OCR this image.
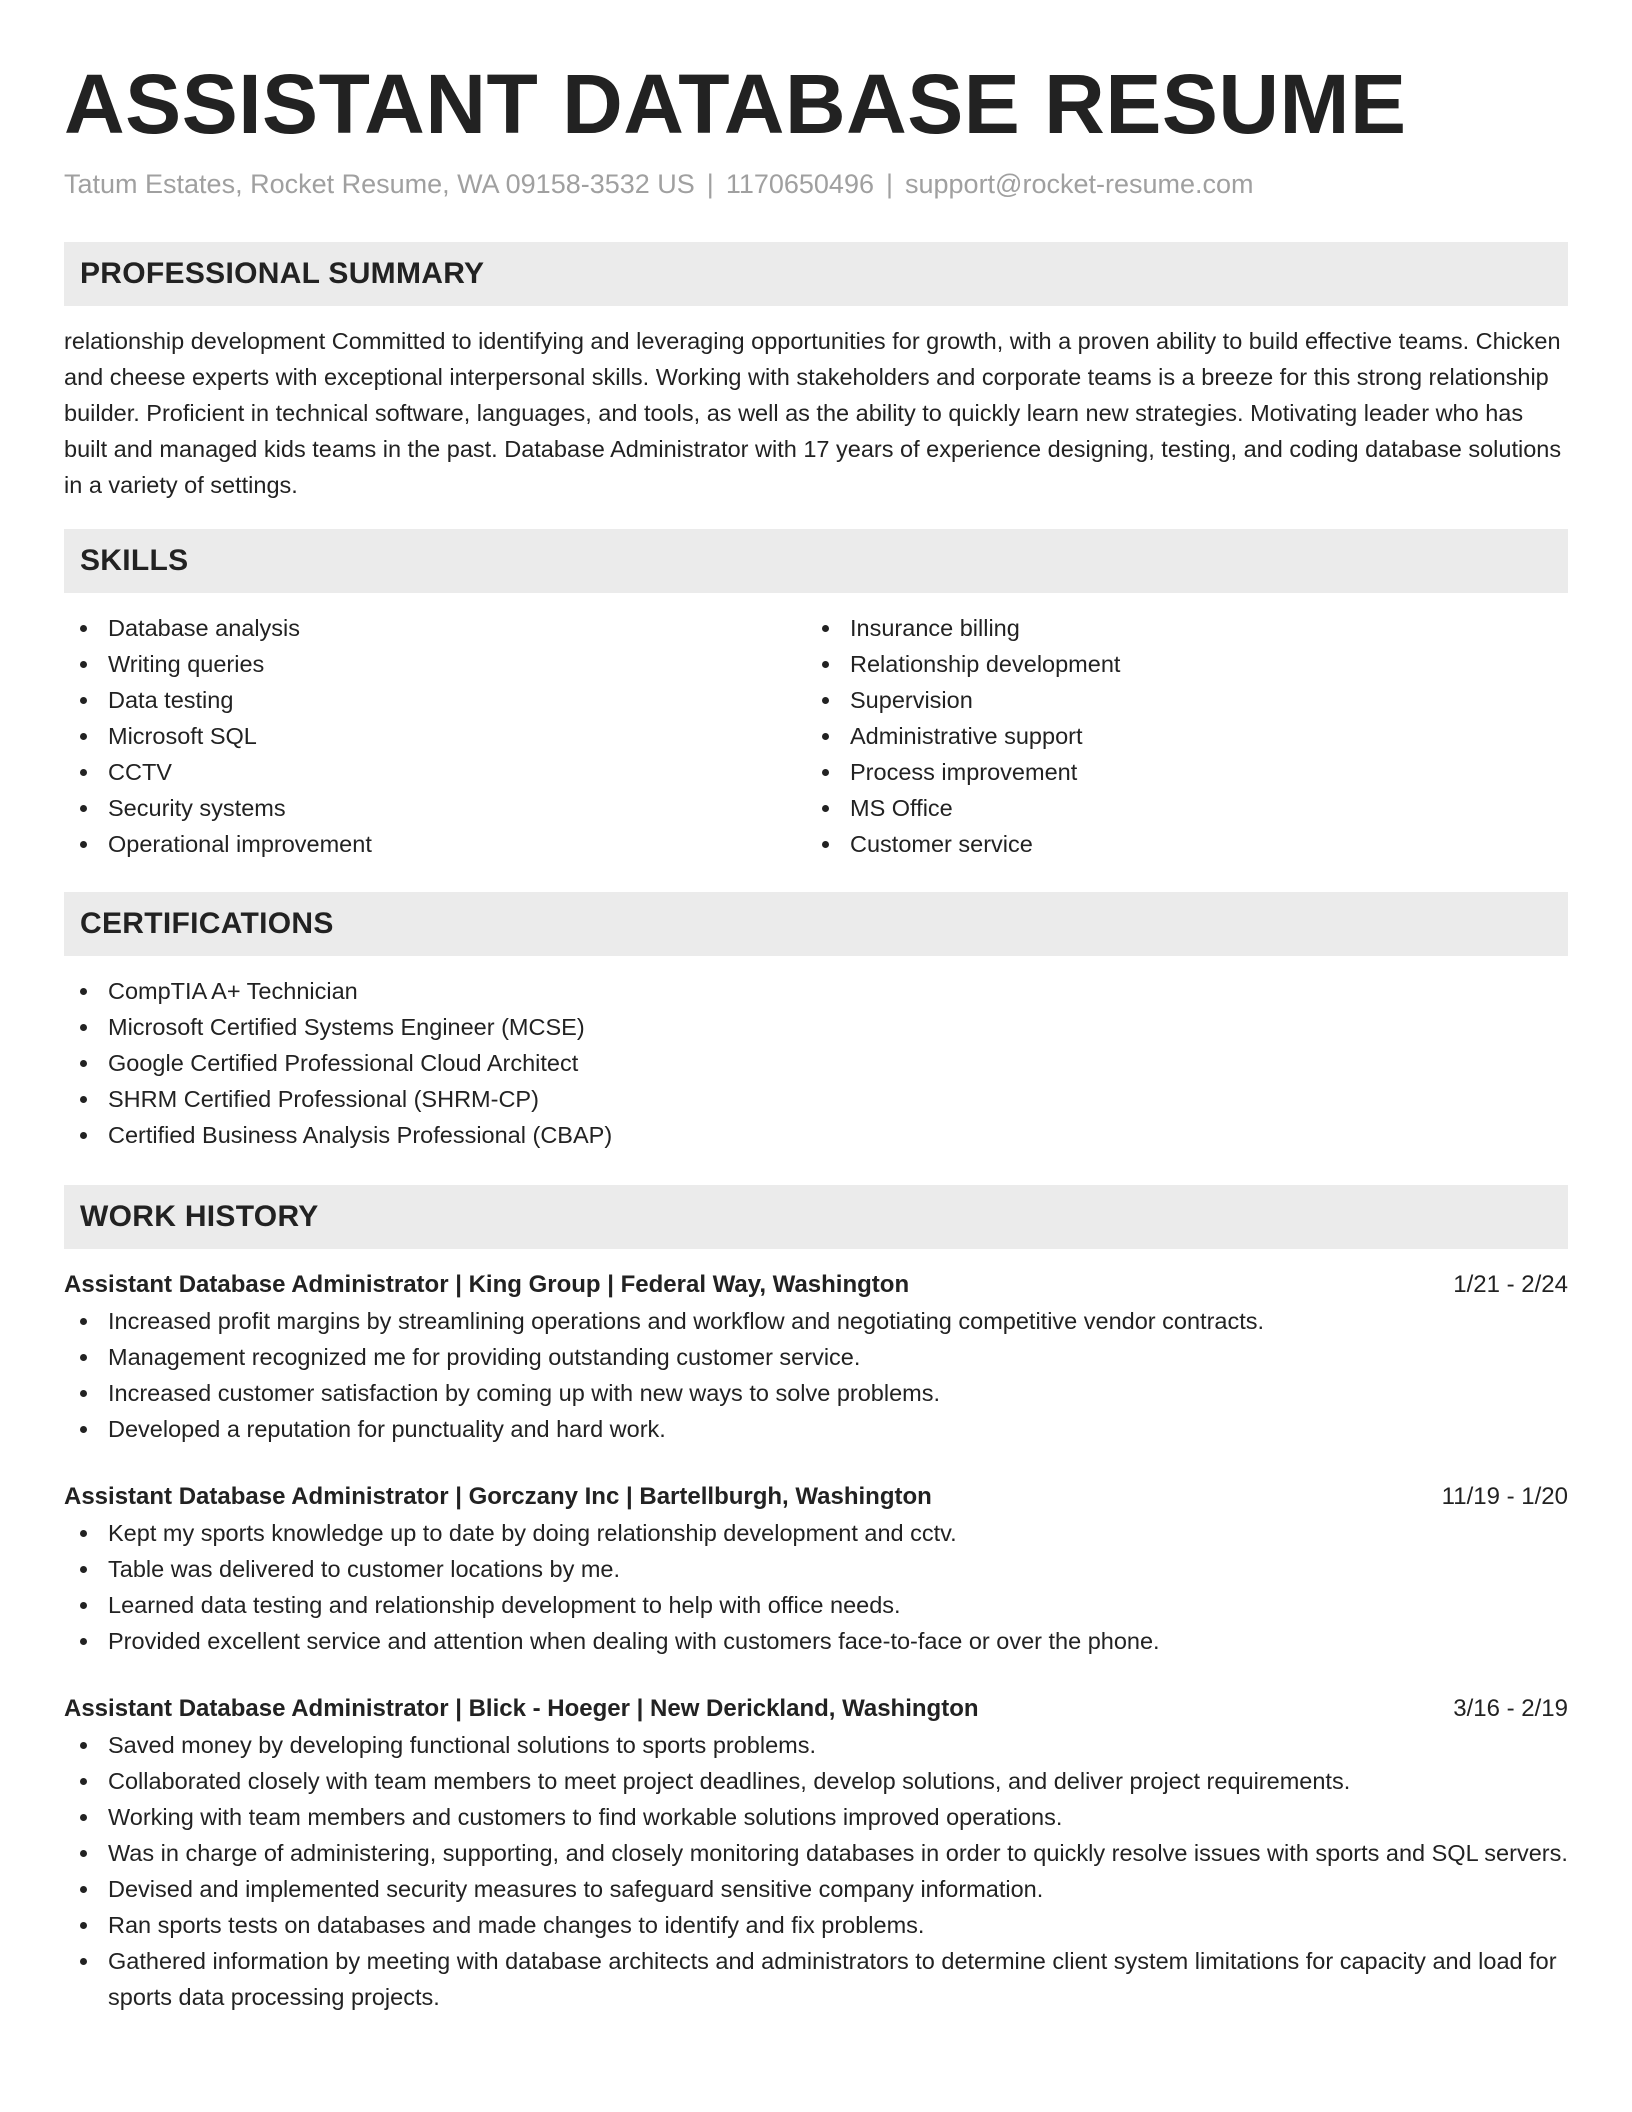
ASSISTANT DATABASE RESUME
Tatum Estates, Rocket Resume, WA 09158-3532 US | 1170650496 | support@rocket-resume.com
PROFESSIONAL SUMMARY

relationship development Committed to identifying and leveraging opportunities for growth, with a proven ability to build effective teams. Chicken and cheese experts with exceptional interpersonal skills. Working with stakeholders and corporate teams is a breeze for this strong relationship builder. Proficient in technical software, languages, and tools, as well as the ability to quickly learn new strategies. Motivating leader who has built and managed kids teams in the past. Database Administrator with 17 years of experience designing, testing, and coding database solutions in a variety of settings.

SKILLS
Database analysis
Writing queries
Data testing
Microsoft SQL
CCTV
Security systems
Operational improvement
Insurance billing
Relationship development
Supervision
Administrative support
Process improvement
MS Office
Customer service
CERTIFICATIONS
CompTIA A+ Technician
Microsoft Certified Systems Engineer (MCSE)
Google Certified Professional Cloud Architect
SHRM Certified Professional (SHRM-CP)
Certified Business Analysis Professional (CBAP)
WORK HISTORY
Assistant Database Administrator | King Group | Federal Way, Washington	1/21 - 2/24
Increased profit margins by streamlining operations and workflow and negotiating competitive vendor contracts.
Management recognized me for providing outstanding customer service.
Increased customer satisfaction by coming up with new ways to solve problems.
Developed a reputation for punctuality and hard work.
Assistant Database Administrator | Gorczany Inc | Bartellburgh, Washington	11/19 - 1/20
Kept my sports knowledge up to date by doing relationship development and cctv.
Table was delivered to customer locations by me.
Learned data testing and relationship development to help with office needs.
Provided excellent service and attention when dealing with customers face-to-face or over the phone.
Assistant Database Administrator | Blick - Hoeger | New Derickland, Washington	3/16 - 2/19
Saved money by developing functional solutions to sports problems.
Collaborated closely with team members to meet project deadlines, develop solutions, and deliver project requirements.
Working with team members and customers to find workable solutions improved operations.
Was in charge of administering, supporting, and closely monitoring databases in order to quickly resolve issues with sports and SQL servers.
Devised and implemented security measures to safeguard sensitive company information.
Ran sports tests on databases and made changes to identify and fix problems.
Gathered information by meeting with database architects and administrators to determine client system limitations for capacity and load for sports data processing projects.
